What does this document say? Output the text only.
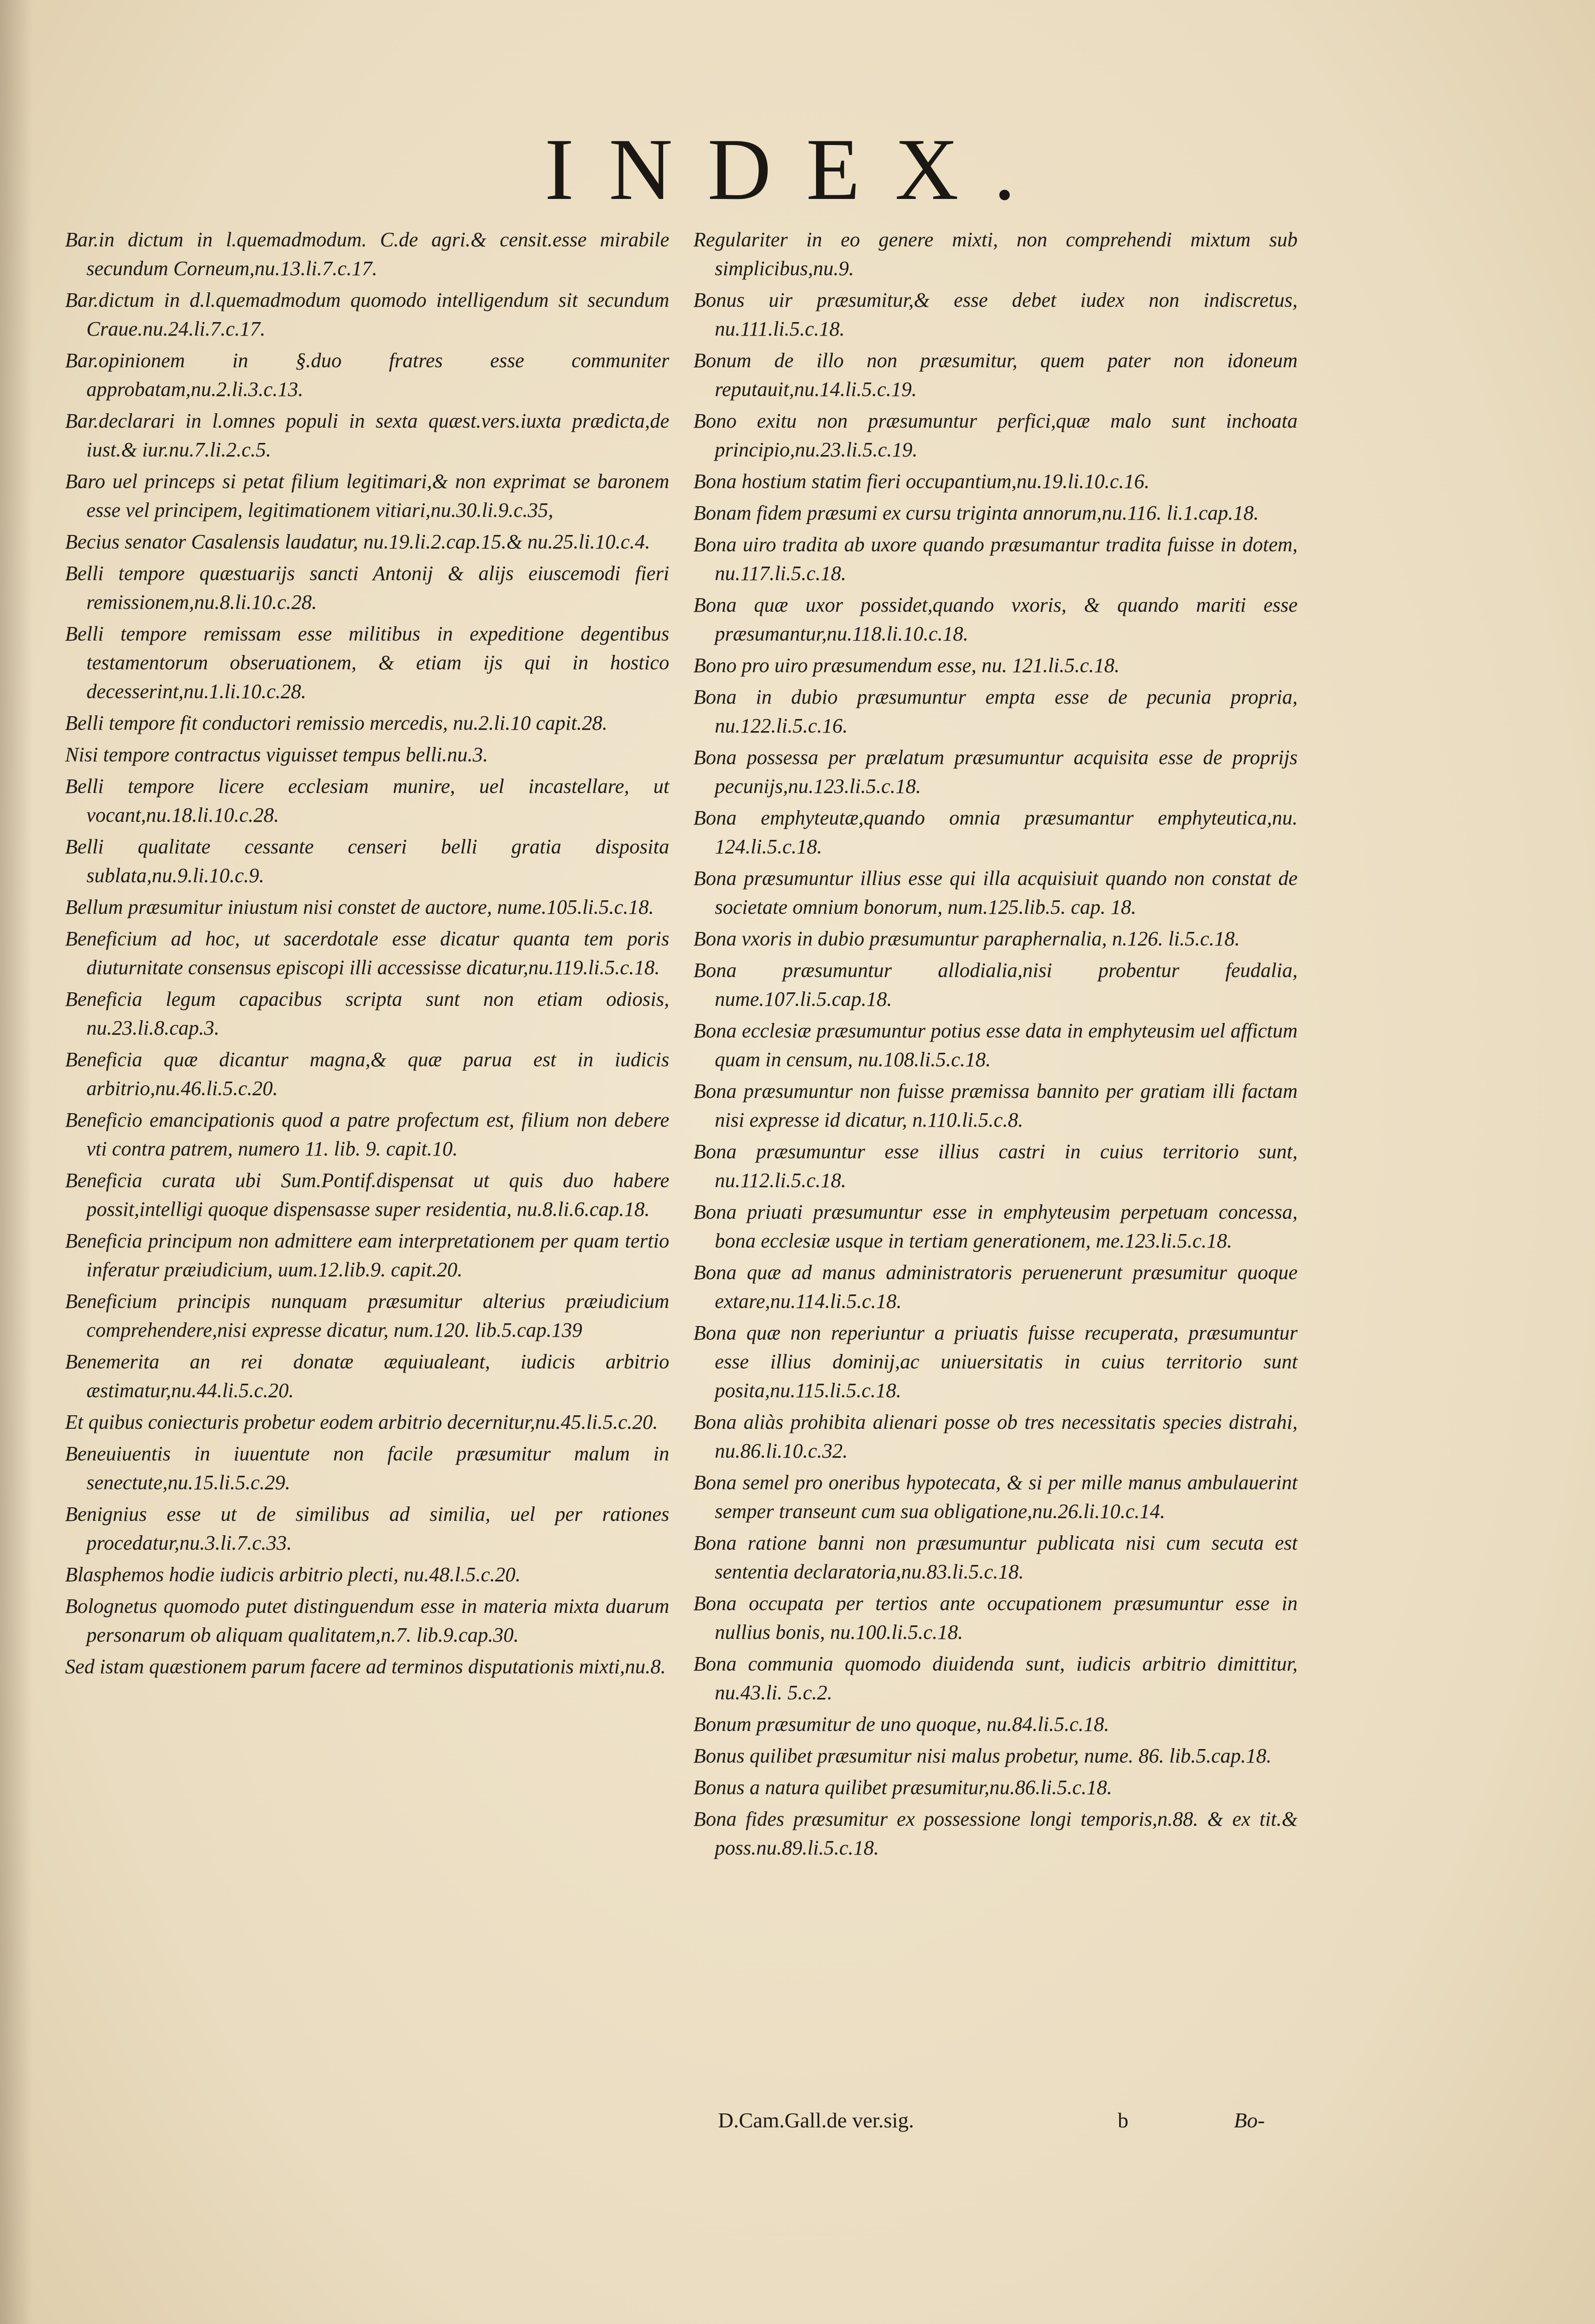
INDEX.

Bar.in dictum in l.quemadmodum. C.de agri.& censit.esse mirabile secundum Corneum,nu.13.li.7.c.17.

Bar.dictum in d.l.quemadmodum quomodo intelligendum sit secundum Craue.nu.24.li.7.c.17.

Bar.opinionem in §.duo fratres esse communiter approbatam,nu.2.li.3.c.13.

Bar.declarari in l.omnes populi in sexta quæst.vers.iuxta prædicta,de iust.& iur.nu.7.li.2.c.5.

Baro uel princeps si petat filium legitimari,& non exprimat se baronem esse vel principem, legitimationem vitiari,nu.30.li.9.c.35,

Becius senator Casalensis laudatur, nu.19.li.2.cap.15.& nu.25.li.10.c.4.

Belli tempore quæstuarijs sancti Antonij & alijs eiuscemodi fieri remissionem,nu.8.li.10.c.28.

Belli tempore remissam esse militibus in expeditione degentibus testamentorum obseruationem, & etiam ijs qui in hostico decesserint,nu.1.li.10.c.28.

Belli tempore fit conductori remissio mercedis, nu.2.li.10 capit.28.

Nisi tempore contractus viguisset tempus belli.nu.3.

Belli tempore licere ecclesiam munire, uel incastellare, ut vocant,nu.18.li.10.c.28.

Belli qualitate cessante censeri belli gratia disposita sublata,nu.9.li.10.c.9.

Bellum præsumitur iniustum nisi constet de auctore, nume.105.li.5.c.18.

Beneficium ad hoc, ut sacerdotale esse dicatur quanta tem poris diuturnitate consensus episcopi illi accessisse dicatur,nu.119.li.5.c.18.

Beneficia legum capacibus scripta sunt non etiam odiosis, nu.23.li.8.cap.3.

Beneficia quæ dicantur magna,& quæ parua est in iudicis arbitrio,nu.46.li.5.c.20.

Beneficio emancipationis quod a patre profectum est, filium non debere vti contra patrem, numero 11. lib. 9. capit.10.

Beneficia curata ubi Sum.Pontif.dispensat ut quis duo habere possit,intelligi quoque dispensasse super residentia, nu.8.li.6.cap.18.

Beneficia principum non admittere eam interpretationem per quam tertio inferatur præiudicium, uum.12.lib.9. capit.20.

Beneficium principis nunquam præsumitur alterius præiudicium comprehendere,nisi expresse dicatur, num.120. lib.5.cap.139

Benemerita an rei donatæ æquiualeant, iudicis arbitrio æstimatur,nu.44.li.5.c.20.

Et quibus coniecturis probetur eodem arbitrio decernitur,nu.45.li.5.c.20.

Beneuiuentis in iuuentute non facile præsumitur malum in senectute,nu.15.li.5.c.29.

Benignius esse ut de similibus ad similia, uel per rationes procedatur,nu.3.li.7.c.33.

Blasphemos hodie iudicis arbitrio plecti, nu.48.l.5.c.20.

Bolognetus quomodo putet distinguendum esse in materia mixta duarum personarum ob aliquam qualitatem,n.7. lib.9.cap.30.

Sed istam quæstionem parum facere ad terminos disputationis mixti,nu.8.

Regulariter in eo genere mixti, non comprehendi mixtum sub simplicibus,nu.9.

Bonus uir præsumitur,& esse debet iudex non indiscretus, nu.111.li.5.c.18.

Bonum de illo non præsumitur, quem pater non idoneum reputauit,nu.14.li.5.c.19.

Bono exitu non præsumuntur perfici,quæ malo sunt inchoata principio,nu.23.li.5.c.19.

Bona hostium statim fieri occupantium,nu.19.li.10.c.16.

Bonam fidem præsumi ex cursu triginta annorum,nu.116. li.1.cap.18.

Bona uiro tradita ab uxore quando præsumantur tradita fuisse in dotem, nu.117.li.5.c.18.

Bona quæ uxor possidet,quando vxoris, & quando mariti esse præsumantur,nu.118.li.10.c.18.

Bono pro uiro præsumendum esse, nu. 121.li.5.c.18.

Bona in dubio præsumuntur empta esse de pecunia propria, nu.122.li.5.c.16.

Bona possessa per prælatum præsumuntur acquisita esse de proprijs pecunijs,nu.123.li.5.c.18.

Bona emphyteutæ,quando omnia præsumantur emphyteutica,nu. 124.li.5.c.18.

Bona præsumuntur illius esse qui illa acquisiuit quando non constat de societate omnium bonorum, num.125.lib.5. cap. 18.

Bona vxoris in dubio præsumuntur paraphernalia, n.126. li.5.c.18.

Bona præsumuntur allodialia,nisi probentur feudalia, nume.107.li.5.cap.18.

Bona ecclesiæ præsumuntur potius esse data in emphyteusim uel affictum quam in censum, nu.108.li.5.c.18.

Bona præsumuntur non fuisse præmissa bannito per gratiam illi factam nisi expresse id dicatur, n.110.li.5.c.8.

Bona præsumuntur esse illius castri in cuius territorio sunt, nu.112.li.5.c.18.

Bona priuati præsumuntur esse in emphyteusim perpetuam concessa, bona ecclesiæ usque in tertiam generationem, me.123.li.5.c.18.

Bona quæ ad manus administratoris peruenerunt præsumitur quoque extare,nu.114.li.5.c.18.

Bona quæ non reperiuntur a priuatis fuisse recuperata, præsumuntur esse illius dominij,ac uniuersitatis in cuius territorio sunt posita,nu.115.li.5.c.18.

Bona aliàs prohibita alienari posse ob tres necessitatis species distrahi, nu.86.li.10.c.32.

Bona semel pro oneribus hypotecata, & si per mille manus ambulauerint semper transeunt cum sua obligatione,nu.26.li.10.c.14.

Bona ratione banni non præsumuntur publicata nisi cum secuta est sententia declaratoria,nu.83.li.5.c.18.

Bona occupata per tertios ante occupationem præsumuntur esse in nullius bonis, nu.100.li.5.c.18.

Bona communia quomodo diuidenda sunt, iudicis arbitrio dimittitur, nu.43.li. 5.c.2.

Bonum præsumitur de uno quoque, nu.84.li.5.c.18.

Bonus quilibet præsumitur nisi malus probetur, nume. 86. lib.5.cap.18.

Bonus a natura quilibet præsumitur,nu.86.li.5.c.18.

Bona fides præsumitur ex possessione longi temporis,n.88. & ex tit.& poss.nu.89.li.5.c.18.

D.Cam.Gall.de ver.sig.	b	Bo-
